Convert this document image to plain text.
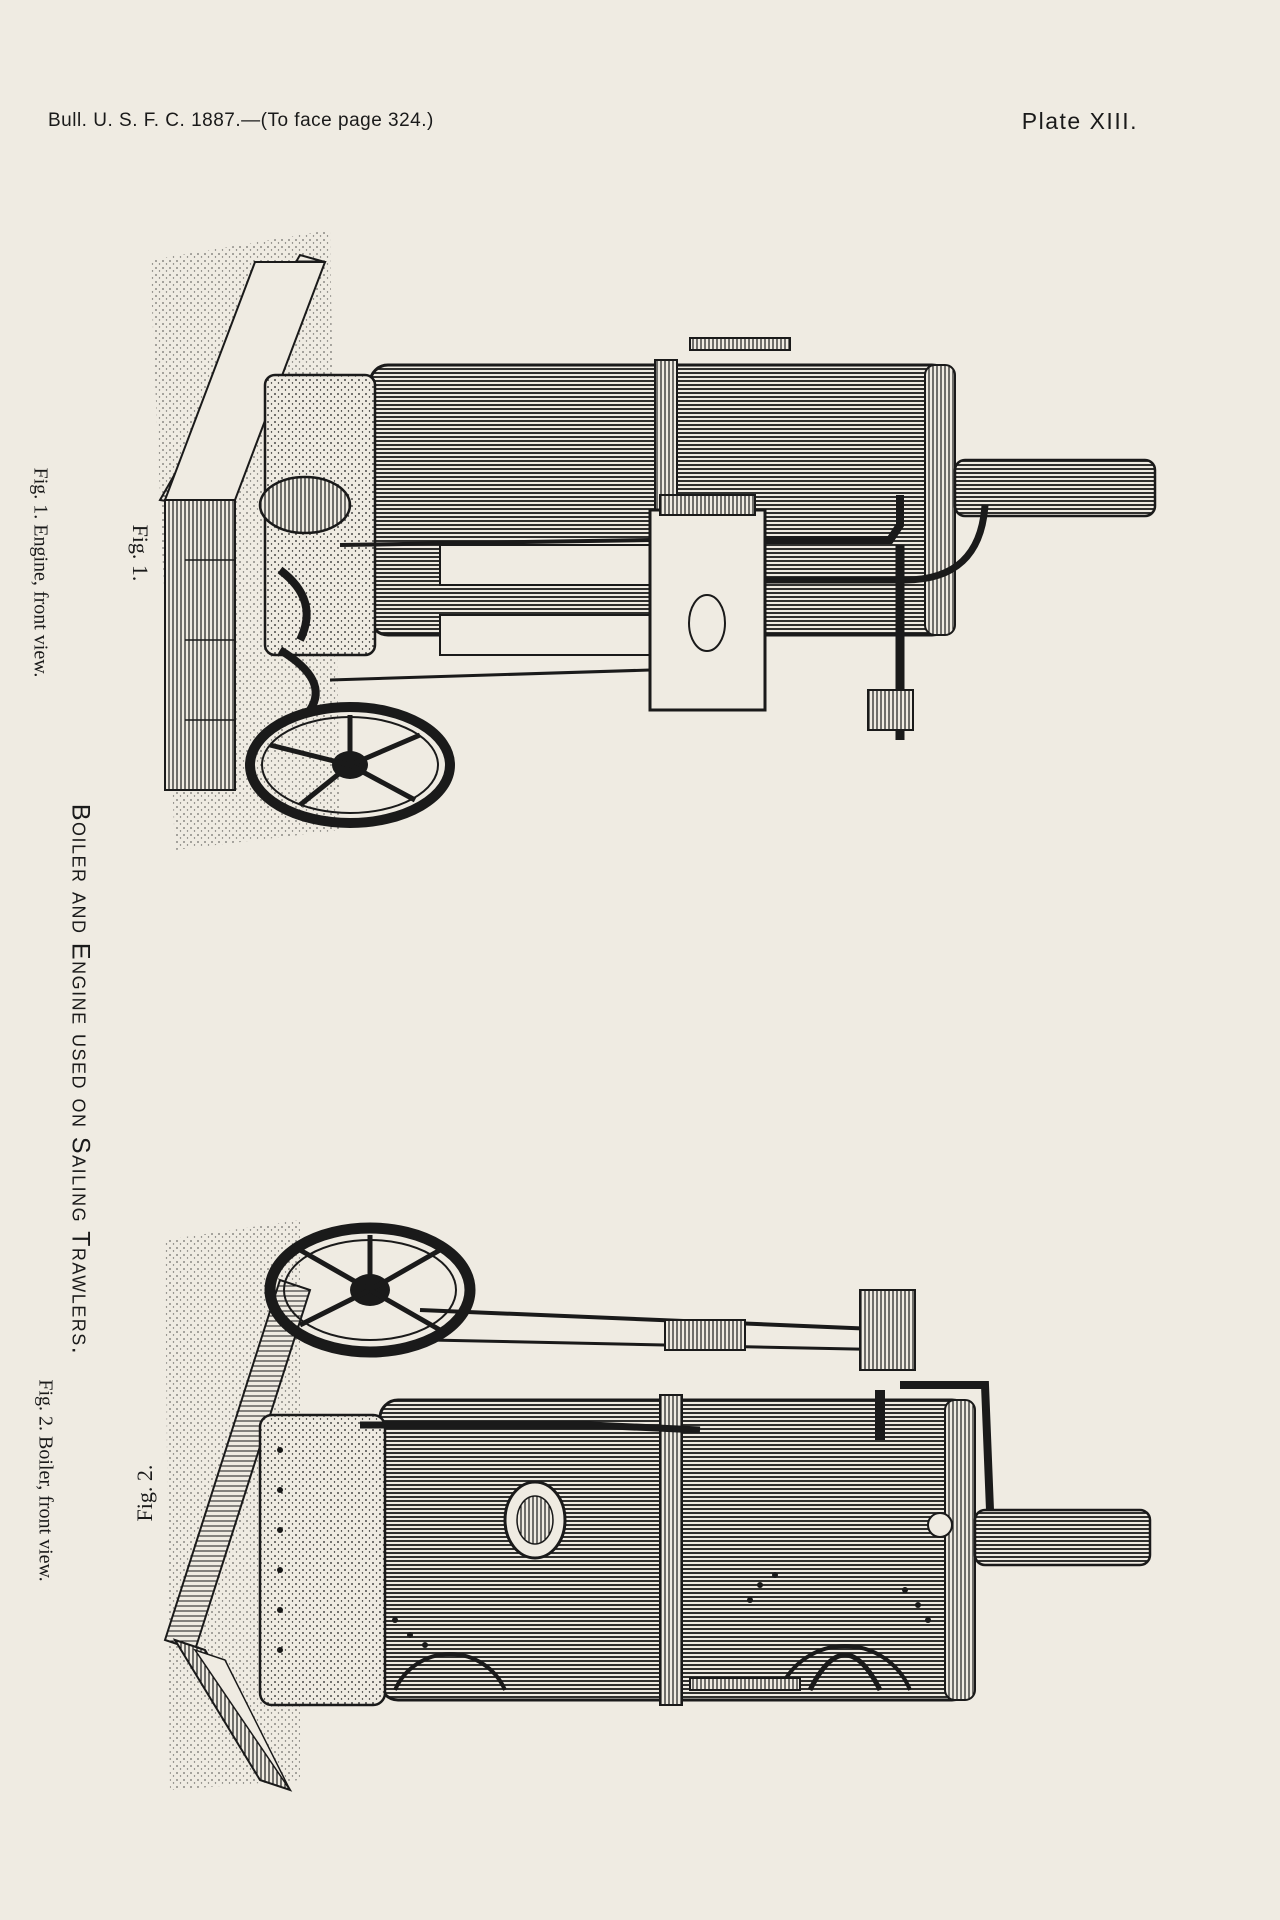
Bull. U. S. F. C. 1887.—(To face page 324.)	Plate XIII.
Fig. 1. Engine, front view.
Boiler and Engine used on Sailing Trawlers.
Fig. 2. Boiler, front view.
Fig. 1.
Fig. 2.
